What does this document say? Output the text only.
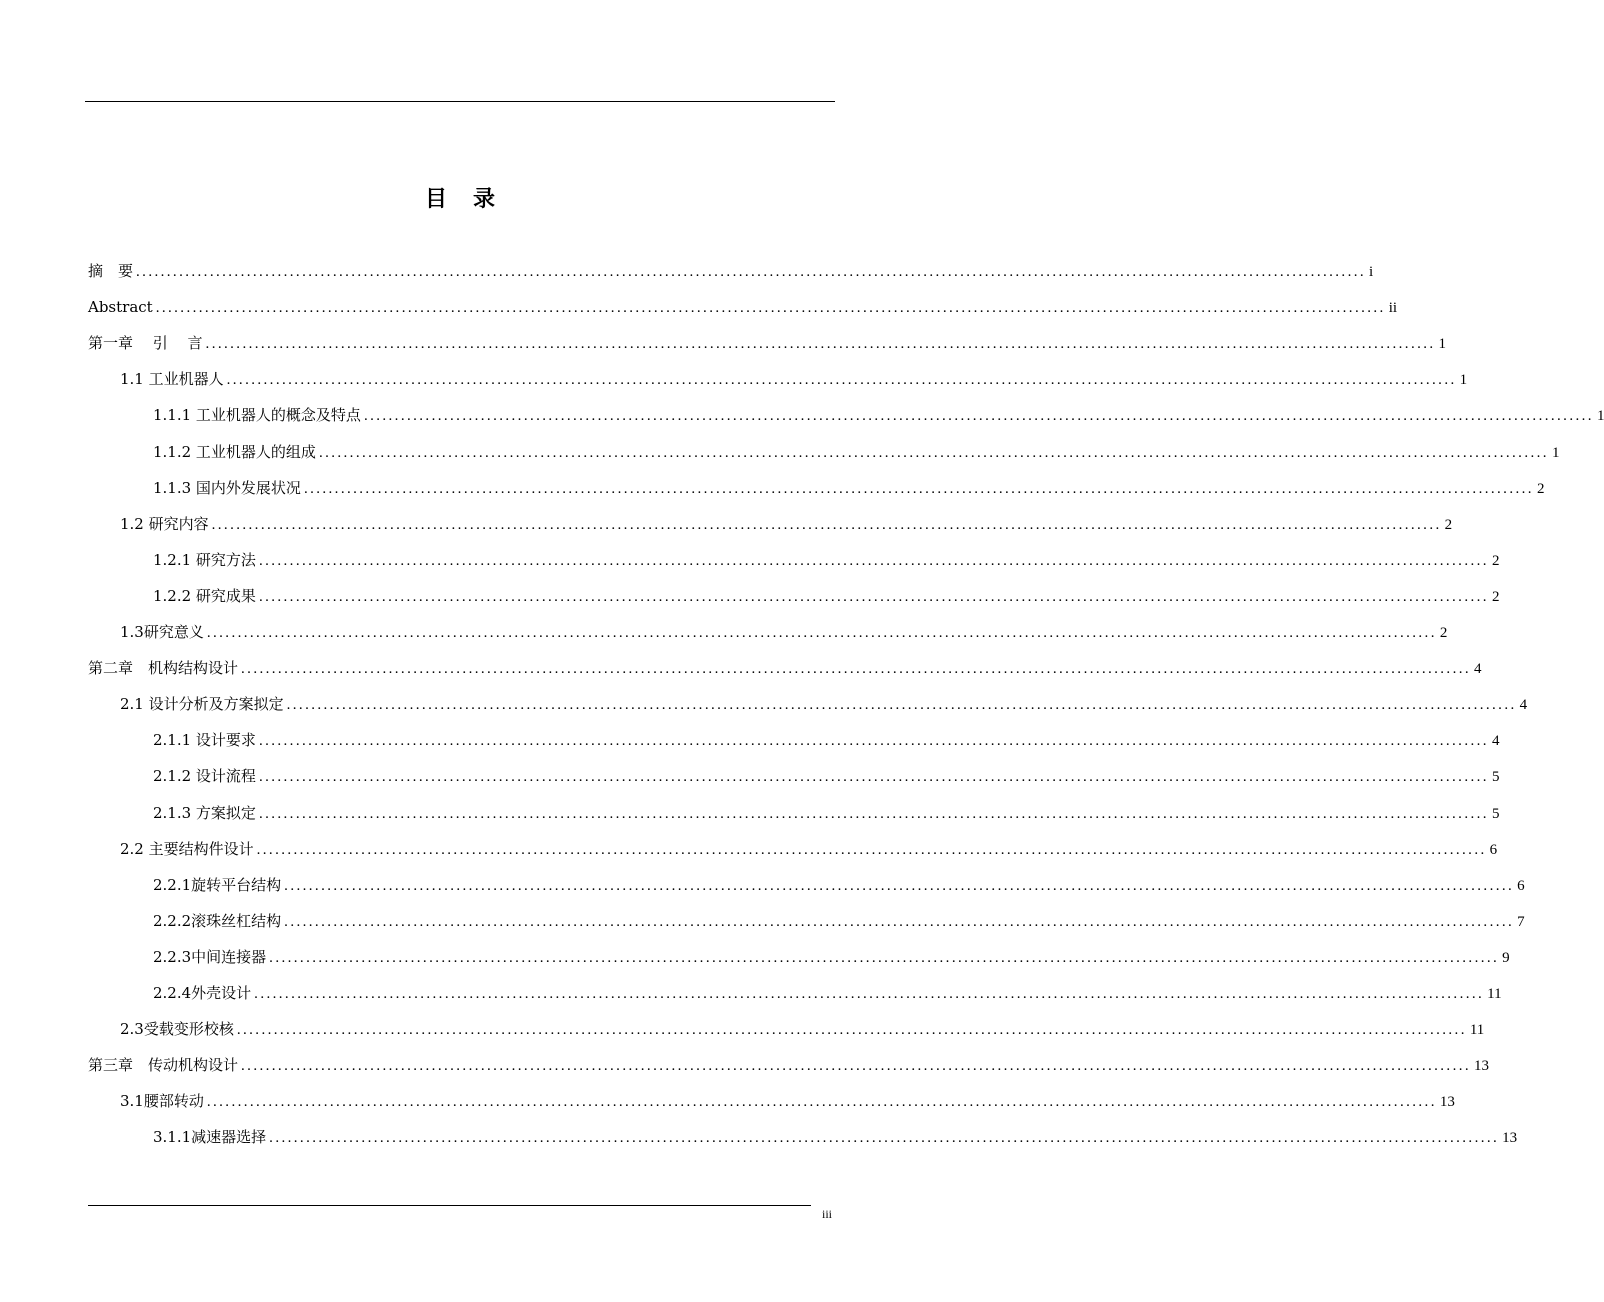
目 录
摘　要 ........................................................................................................................................................................................................ i
Abstract ........................................................................................................................................................................................................ ii
第一章　 引　 言 ........................................................................................................................................................................................................ 1
1.1 工业机器人 ........................................................................................................................................................................................................ 1
1.1.1 工业机器人的概念及特点 ........................................................................................................................................................................................................ 1
1.1.2 工业机器人的组成 ........................................................................................................................................................................................................ 1
1.1.3 国内外发展状况 ........................................................................................................................................................................................................ 2
1.2 研究内容 ........................................................................................................................................................................................................ 2
1.2.1 研究方法 ........................................................................................................................................................................................................ 2
1.2.2 研究成果 ........................................................................................................................................................................................................ 2
1.3研究意义 ........................................................................................................................................................................................................ 2
第二章　机构结构设计 ........................................................................................................................................................................................................ 4
2.1 设计分析及方案拟定 ........................................................................................................................................................................................................ 4
2.1.1 设计要求 ........................................................................................................................................................................................................ 4
2.1.2 设计流程 ........................................................................................................................................................................................................ 5
2.1.3 方案拟定 ........................................................................................................................................................................................................ 5
2.2 主要结构件设计 ........................................................................................................................................................................................................ 6
2.2.1旋转平台结构 ........................................................................................................................................................................................................ 6
2.2.2滚珠丝杠结构 ........................................................................................................................................................................................................ 7
2.2.3中间连接器 ........................................................................................................................................................................................................ 9
2.2.4外壳设计 ........................................................................................................................................................................................................ 11
2.3受载变形校核 ........................................................................................................................................................................................................ 11
第三章　传动机构设计 ........................................................................................................................................................................................................ 13
3.1腰部转动 ........................................................................................................................................................................................................ 13
3.1.1减速器选择 ........................................................................................................................................................................................................ 13
iii
